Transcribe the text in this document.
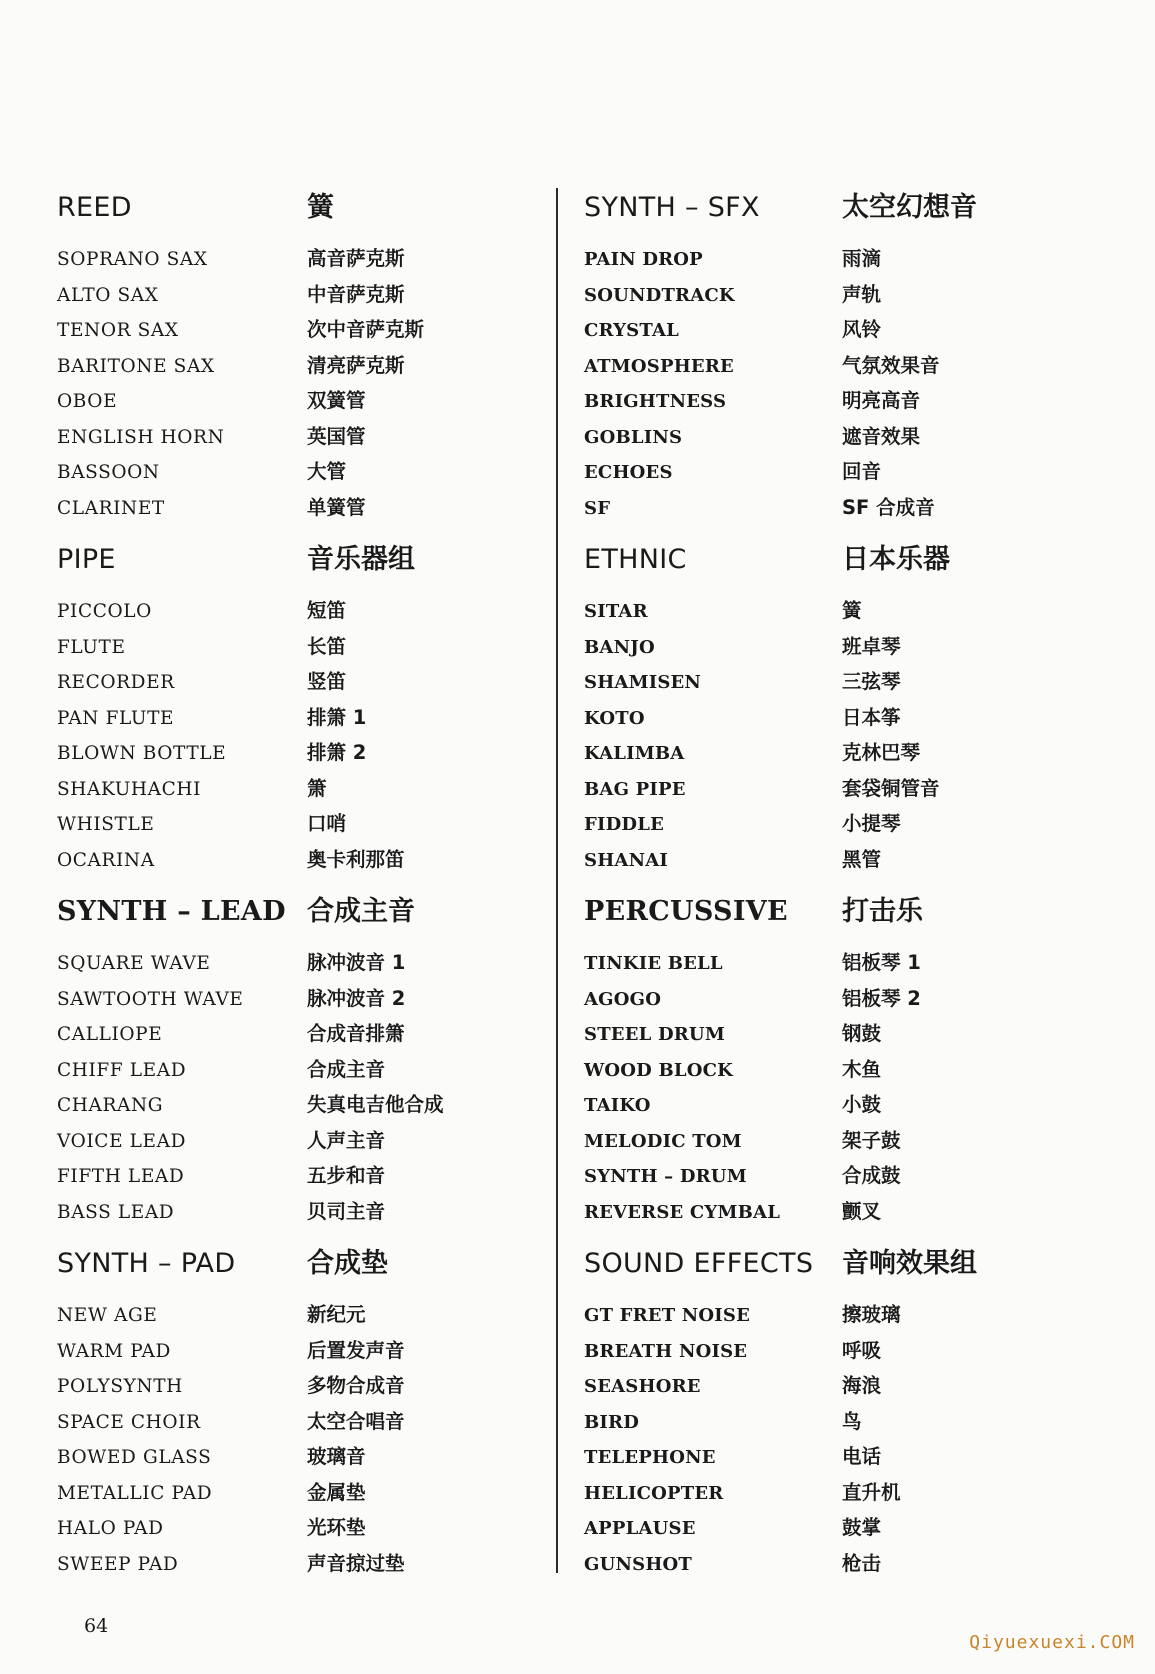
REED	簧
SOPRANO SAX	高音萨克斯
ALTO SAX	中音萨克斯
TENOR SAX	次中音萨克斯
BARITONE SAX	清亮萨克斯
OBOE	双簧管
ENGLISH HORN	英国管
BASSOON	大管
CLARINET	单簧管
PIPE	音乐器组
PICCOLO	短笛
FLUTE	长笛
RECORDER	竖笛
PAN FLUTE	排箫 1
BLOWN BOTTLE	排箫 2
SHAKUHACHI	箫
WHISTLE	口哨
OCARINA	奥卡利那笛
SYNTH – LEAD 合成主音
SQUARE WAVE	脉冲波音 1
SAWTOOTH WAVE	脉冲波音 2
CALLIOPE	合成音排箫
CHIFF LEAD	合成主音
CHARANG	失真电吉他合成
VOICE LEAD	人声主音
FIFTH LEAD	五步和音
BASS LEAD	贝司主音
SYNTH – PAD	合成垫
NEW AGE	新纪元
WARM PAD	后置发声音
POLYSYNTH	多物合成音
SPACE CHOIR	太空合唱音
BOWED GLASS	玻璃音
METALLIC PAD	金属垫
HALO PAD	光环垫
SWEEP PAD	声音掠过垫
SYNTH – SFX	太空幻想音
PAIN DROP	雨滴
SOUNDTRACK	声轨
CRYSTAL	风铃
ATMOSPHERE	气氛效果音
BRIGHTNESS	明亮高音
GOBLINS	遮音效果
ECHOES	回音
SF	SF 合成音
ETHNIC	日本乐器
SITAR	簧
BANJO	班卓琴
SHAMISEN	三弦琴
KOTO	日本筝
KALIMBA	克林巴琴
BAG PIPE	套袋铜管音
FIDDLE	小提琴
SHANAI	黑管
PERCUSSIVE	打击乐
TINKIE BELL	铝板琴 1
AGOGO	铝板琴 2
STEEL DRUM	钢鼓
WOOD BLOCK	木鱼
TAIKO	小鼓
MELODIC TOM	架子鼓
SYNTH – DRUM	合成鼓
REVERSE CYMBAL	颤叉
SOUND EFFECTS	音响效果组
GT FRET NOISE	擦玻璃
BREATH NOISE	呼吸
SEASHORE	海浪
BIRD	鸟
TELEPHONE	电话
HELICOPTER	直升机
APPLAUSE	鼓掌
GUNSHOT	枪击
64
Qiyuexuexi.COM
